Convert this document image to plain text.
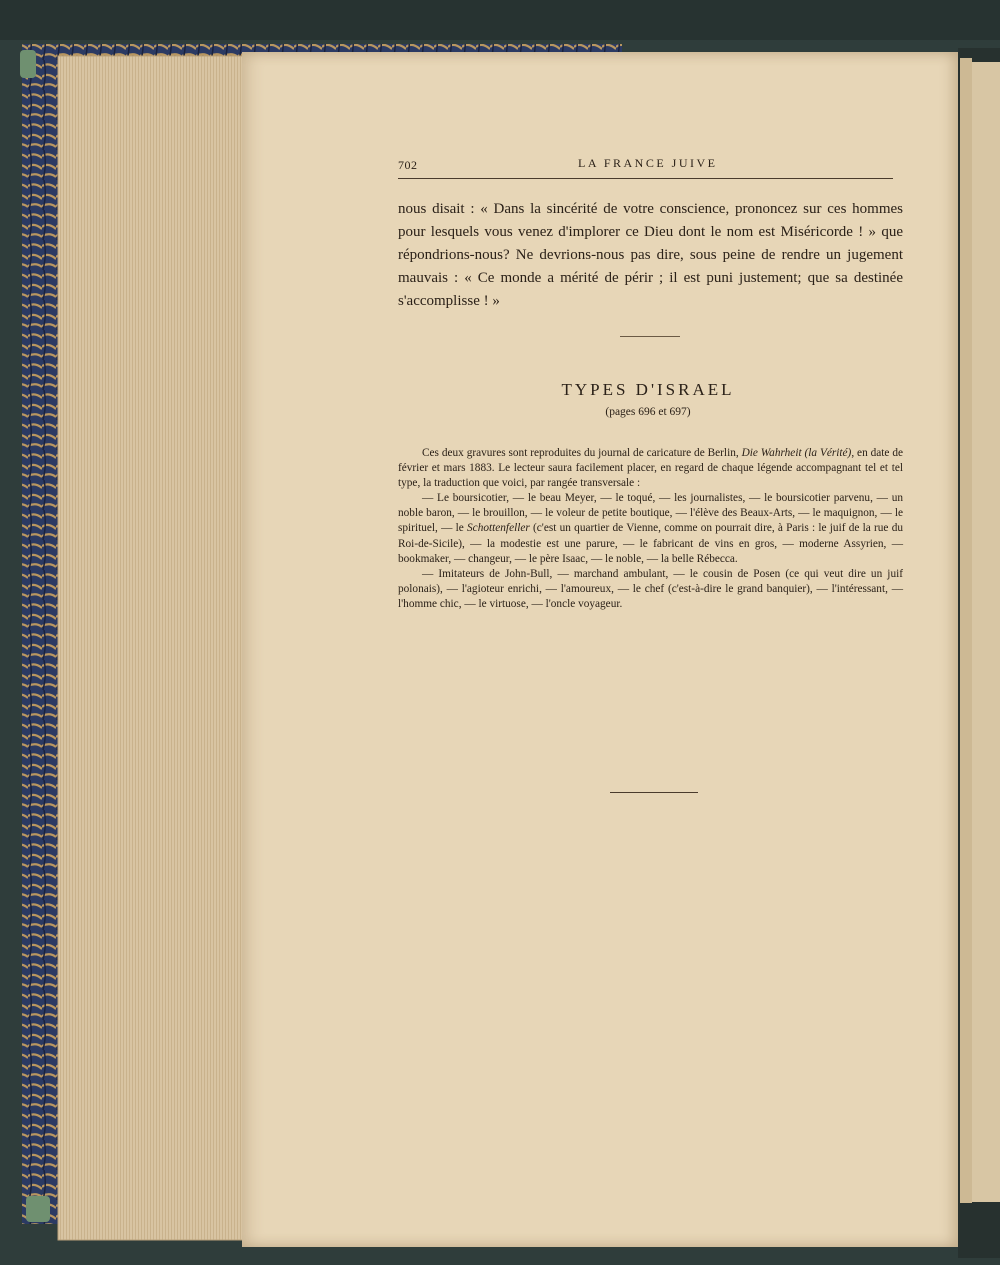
702	LA FRANCE JUIVE

nous disait : « Dans la sincérité de votre conscience, prononcez sur ces hommes pour lesquels vous venez d'implorer ce Dieu dont le nom est Miséricorde ! » que répondrions-nous? Ne devrions-nous pas dire, sous peine de rendre un jugement mauvais : « Ce monde a mérité de périr ; il est puni justement; que sa destinée s'accomplisse ! »

TYPES D'ISRAEL

(pages 696 et 697)

Ces deux gravures sont reproduites du journal de caricature de Berlin, Die Wahrheit (la Vérité), en date de février et mars 1883. Le lecteur saura facilement placer, en regard de chaque légende accompagnant tel et tel type, la traduction que voici, par rangée transversale :

— Le boursicotier, — le beau Meyer, — le toqué, — les journalistes, — le boursicotier parvenu, — un noble baron, — le brouillon, — le voleur de petite boutique, — l'élève des Beaux-Arts, — le maquignon, — le spirituel, — le Schottenfeller (c'est un quartier de Vienne, comme on pourrait dire, à Paris : le juif de la rue du Roi-de-Sicile), — la modestie est une parure, — le fabricant de vins en gros, — moderne Assyrien, — bookmaker, — changeur, — le père Isaac, — le noble, — la belle Rébecca.

— Imitateurs de John-Bull, — marchand ambulant, — le cousin de Posen (ce qui veut dire un juif polonais), — l'agioteur enrichi, — l'amoureux, — le chef (c'est-à-dire le grand banquier), — l'intéressant, — l'homme chic, — le virtuose, — l'oncle voyageur.
